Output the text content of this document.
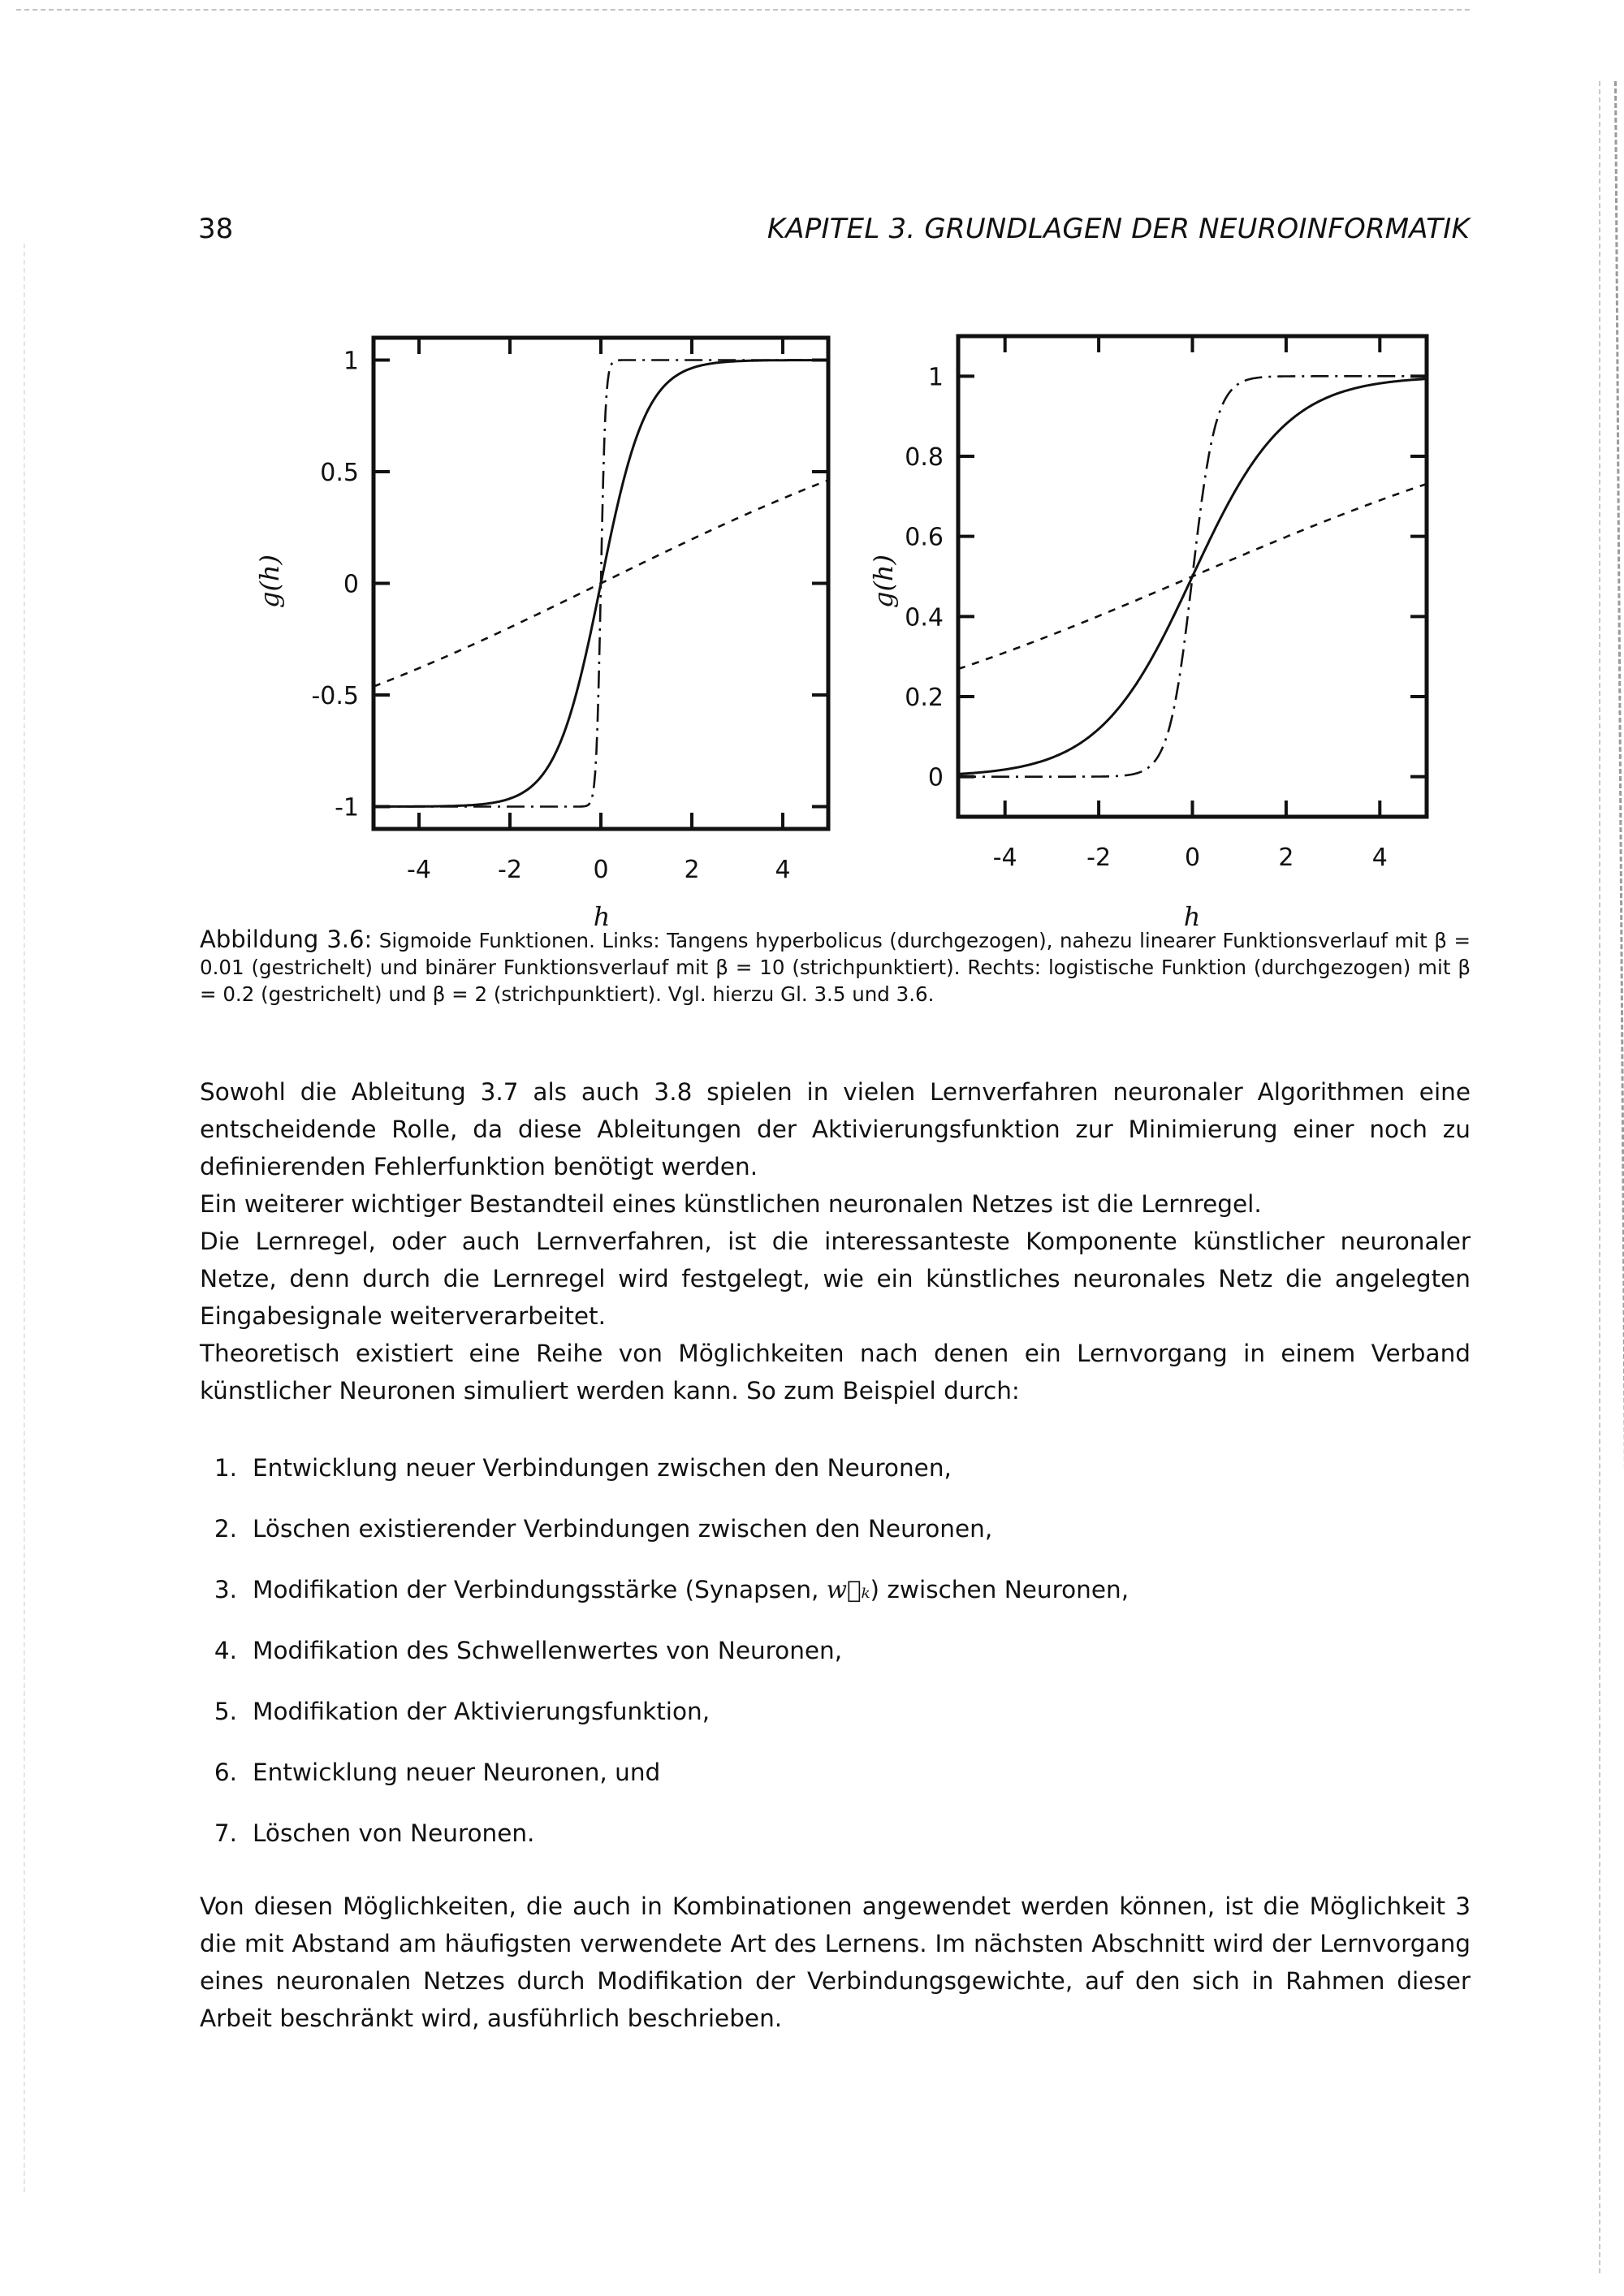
38	KAPITEL 3. GRUNDLAGEN DER NEUROINFORMATIK
-1
-0.5
0
0.5
1
-4	-2	0	2	4
g(h)
h
0
0.2
0.4
0.6
0.8
1
-4	-2	0	2	4
g(h)
h
Abbildung 3.6: Sigmoide Funktionen. Links: Tangens hyperbolicus (durchgezogen), nahezu linearer Funktionsverlauf mit β = 0.01 (gestrichelt) und binärer Funktionsverlauf mit β = 10 (strichpunktiert). Rechts: logistische Funktion (durchgezogen) mit β = 0.2 (gestrichelt) und β = 2 (strichpunktiert). Vgl. hierzu Gl. 3.5 und 3.6.

Sowohl die Ableitung 3.7 als auch 3.8 spielen in vielen Lernverfahren neuronaler Algorithmen eine entscheidende Rolle, da diese Ableitungen der Aktivierungsfunktion zur Minimierung einer noch zu definierenden Fehlerfunktion benötigt werden.

Ein weiterer wichtiger Bestandteil eines künstlichen neuronalen Netzes ist die Lernregel.

Die Lernregel, oder auch Lernverfahren, ist die interessanteste Komponente künstlicher neuronaler Netze, denn durch die Lernregel wird festgelegt, wie ein künstliches neuronales Netz die angelegten Eingabesignale weiterverarbeitet.

Theoretisch existiert eine Reihe von Möglichkeiten nach denen ein Lernvorgang in einem Verband künstlicher Neuronen simuliert werden kann. So zum Beispiel durch:

1. Entwicklung neuer Verbindungen zwischen den Neuronen,
2. Löschen existierender Verbindungen zwischen den Neuronen,
3. Modifikation der Verbindungsstärke (Synapsen, w⃗ₖ) zwischen Neuronen,
4. Modifikation des Schwellenwertes von Neuronen,
5. Modifikation der Aktivierungsfunktion,
6. Entwicklung neuer Neuronen, und
7. Löschen von Neuronen.
Von diesen Möglichkeiten, die auch in Kombinationen angewendet werden können, ist die Möglichkeit 3 die mit Abstand am häufigsten verwendete Art des Lernens. Im nächsten Abschnitt wird der Lernvorgang eines neuronalen Netzes durch Modifikation der Verbindungsgewichte, auf den sich in Rahmen dieser Arbeit beschränkt wird, ausführlich beschrieben.
